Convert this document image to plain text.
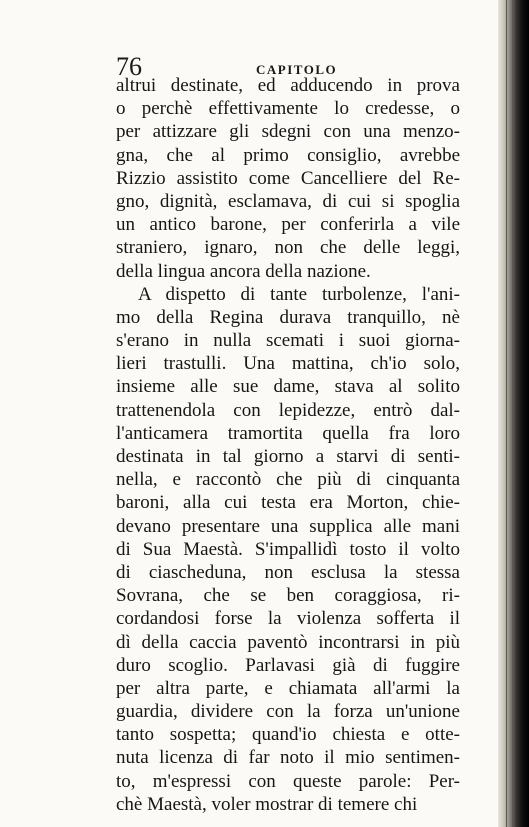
76	CAPITOLO
altrui destinate, ed adducendo in prova
o perchè effettivamente lo credesse, o
per attizzare gli sdegni con una menzo-
gna, che al primo consiglio, avrebbe
Rizzio assistito come Cancelliere del Re-
gno, dignità, esclamava, di cui si spoglia
un antico barone, per conferirla a vile
straniero, ignaro, non che delle leggi,
della lingua ancora della nazione.
A dispetto di tante turbolenze, l'ani-
mo della Regina durava tranquillo, nè
s'erano in nulla scemati i suoi giorna-
lieri trastulli. Una mattina, ch'io solo,
insieme alle sue dame, stava al solito
trattenendola con lepidezze, entrò dal-
l'anticamera tramortita quella fra loro
destinata in tal giorno a starvi di senti-
nella, e raccontò che più di cinquanta
baroni, alla cui testa era Morton, chie-
devano presentare una supplica alle mani
di Sua Maestà. S'impallidì tosto il volto
di ciascheduna, non esclusa la stessa
Sovrana, che se ben coraggiosa, ri-
cordandosi forse la violenza sofferta il
dì della caccia paventò incontrarsi in più
duro scoglio. Parlavasi già di fuggire
per altra parte, e chiamata all'armi la
guardia, dividere con la forza un'unione
tanto sospetta; quand'io chiesta e otte-
nuta licenza di far noto il mio sentimen-
to, m'espressi con queste parole: Per-
chè Maestà, voler mostrar di temere chi
